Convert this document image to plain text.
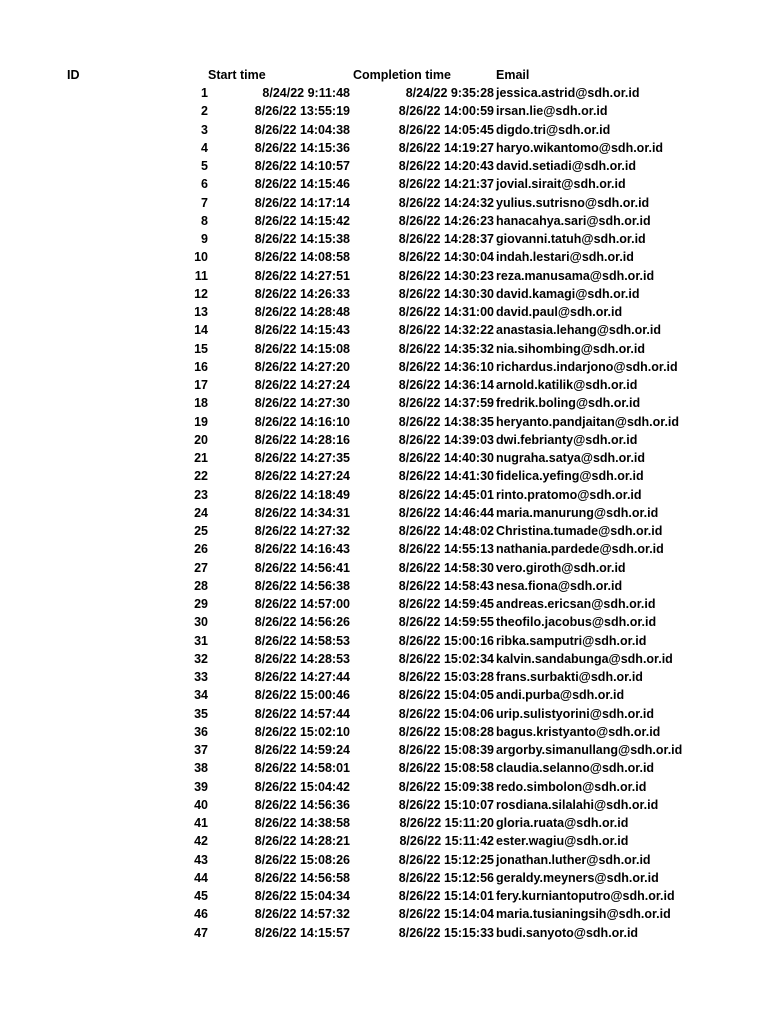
ID	Start time	Completion time	Email
1	8/24/22 9:11:48	8/24/22 9:35:28 jessica.astrid@sdh.or.id
2	8/26/22 13:55:19	8/26/22 14:00:59 irsan.lie@sdh.or.id
3	8/26/22 14:04:38	8/26/22 14:05:45 digdo.tri@sdh.or.id
4	8/26/22 14:15:36	8/26/22 14:19:27 haryo.wikantomo@sdh.or.id
5	8/26/22 14:10:57	8/26/22 14:20:43 david.setiadi@sdh.or.id
6	8/26/22 14:15:46	8/26/22 14:21:37 jovial.sirait@sdh.or.id
7	8/26/22 14:17:14	8/26/22 14:24:32 yulius.sutrisno@sdh.or.id
8	8/26/22 14:15:42	8/26/22 14:26:23 hanacahya.sari@sdh.or.id
9	8/26/22 14:15:38	8/26/22 14:28:37 giovanni.tatuh@sdh.or.id
10	8/26/22 14:08:58	8/26/22 14:30:04 indah.lestari@sdh.or.id
11	8/26/22 14:27:51	8/26/22 14:30:23 reza.manusama@sdh.or.id
12	8/26/22 14:26:33	8/26/22 14:30:30 david.kamagi@sdh.or.id
13	8/26/22 14:28:48	8/26/22 14:31:00 david.paul@sdh.or.id
14	8/26/22 14:15:43	8/26/22 14:32:22 anastasia.lehang@sdh.or.id
15	8/26/22 14:15:08	8/26/22 14:35:32 nia.sihombing@sdh.or.id
16	8/26/22 14:27:20	8/26/22 14:36:10 richardus.indarjono@sdh.or.id
17	8/26/22 14:27:24	8/26/22 14:36:14 arnold.katilik@sdh.or.id
18	8/26/22 14:27:30	8/26/22 14:37:59 fredrik.boling@sdh.or.id
19	8/26/22 14:16:10	8/26/22 14:38:35 heryanto.pandjaitan@sdh.or.id
20	8/26/22 14:28:16	8/26/22 14:39:03 dwi.febrianty@sdh.or.id
21	8/26/22 14:27:35	8/26/22 14:40:30 nugraha.satya@sdh.or.id
22	8/26/22 14:27:24	8/26/22 14:41:30 fidelica.yefing@sdh.or.id
23	8/26/22 14:18:49	8/26/22 14:45:01 rinto.pratomo@sdh.or.id
24	8/26/22 14:34:31	8/26/22 14:46:44 maria.manurung@sdh.or.id
25	8/26/22 14:27:32	8/26/22 14:48:02 Christina.tumade@sdh.or.id
26	8/26/22 14:16:43	8/26/22 14:55:13 nathania.pardede@sdh.or.id
27	8/26/22 14:56:41	8/26/22 14:58:30 vero.giroth@sdh.or.id
28	8/26/22 14:56:38	8/26/22 14:58:43 nesa.fiona@sdh.or.id
29	8/26/22 14:57:00	8/26/22 14:59:45 andreas.ericsan@sdh.or.id
30	8/26/22 14:56:26	8/26/22 14:59:55 theofilo.jacobus@sdh.or.id
31	8/26/22 14:58:53	8/26/22 15:00:16 ribka.samputri@sdh.or.id
32	8/26/22 14:28:53	8/26/22 15:02:34 kalvin.sandabunga@sdh.or.id
33	8/26/22 14:27:44	8/26/22 15:03:28 frans.surbakti@sdh.or.id
34	8/26/22 15:00:46	8/26/22 15:04:05 andi.purba@sdh.or.id
35	8/26/22 14:57:44	8/26/22 15:04:06 urip.sulistyorini@sdh.or.id
36	8/26/22 15:02:10	8/26/22 15:08:28 bagus.kristyanto@sdh.or.id
37	8/26/22 14:59:24	8/26/22 15:08:39 argorby.simanullang@sdh.or.id
38	8/26/22 14:58:01	8/26/22 15:08:58 claudia.selanno@sdh.or.id
39	8/26/22 15:04:42	8/26/22 15:09:38 redo.simbolon@sdh.or.id
40	8/26/22 14:56:36	8/26/22 15:10:07 rosdiana.silalahi@sdh.or.id
41	8/26/22 14:38:58	8/26/22 15:11:20 gloria.ruata@sdh.or.id
42	8/26/22 14:28:21	8/26/22 15:11:42 ester.wagiu@sdh.or.id
43	8/26/22 15:08:26	8/26/22 15:12:25 jonathan.luther@sdh.or.id
44	8/26/22 14:56:58	8/26/22 15:12:56 geraldy.meyners@sdh.or.id
45	8/26/22 15:04:34	8/26/22 15:14:01 fery.kurniantoputro@sdh.or.id
46	8/26/22 14:57:32	8/26/22 15:14:04 maria.tusianingsih@sdh.or.id
47	8/26/22 14:15:57	8/26/22 15:15:33 budi.sanyoto@sdh.or.id
